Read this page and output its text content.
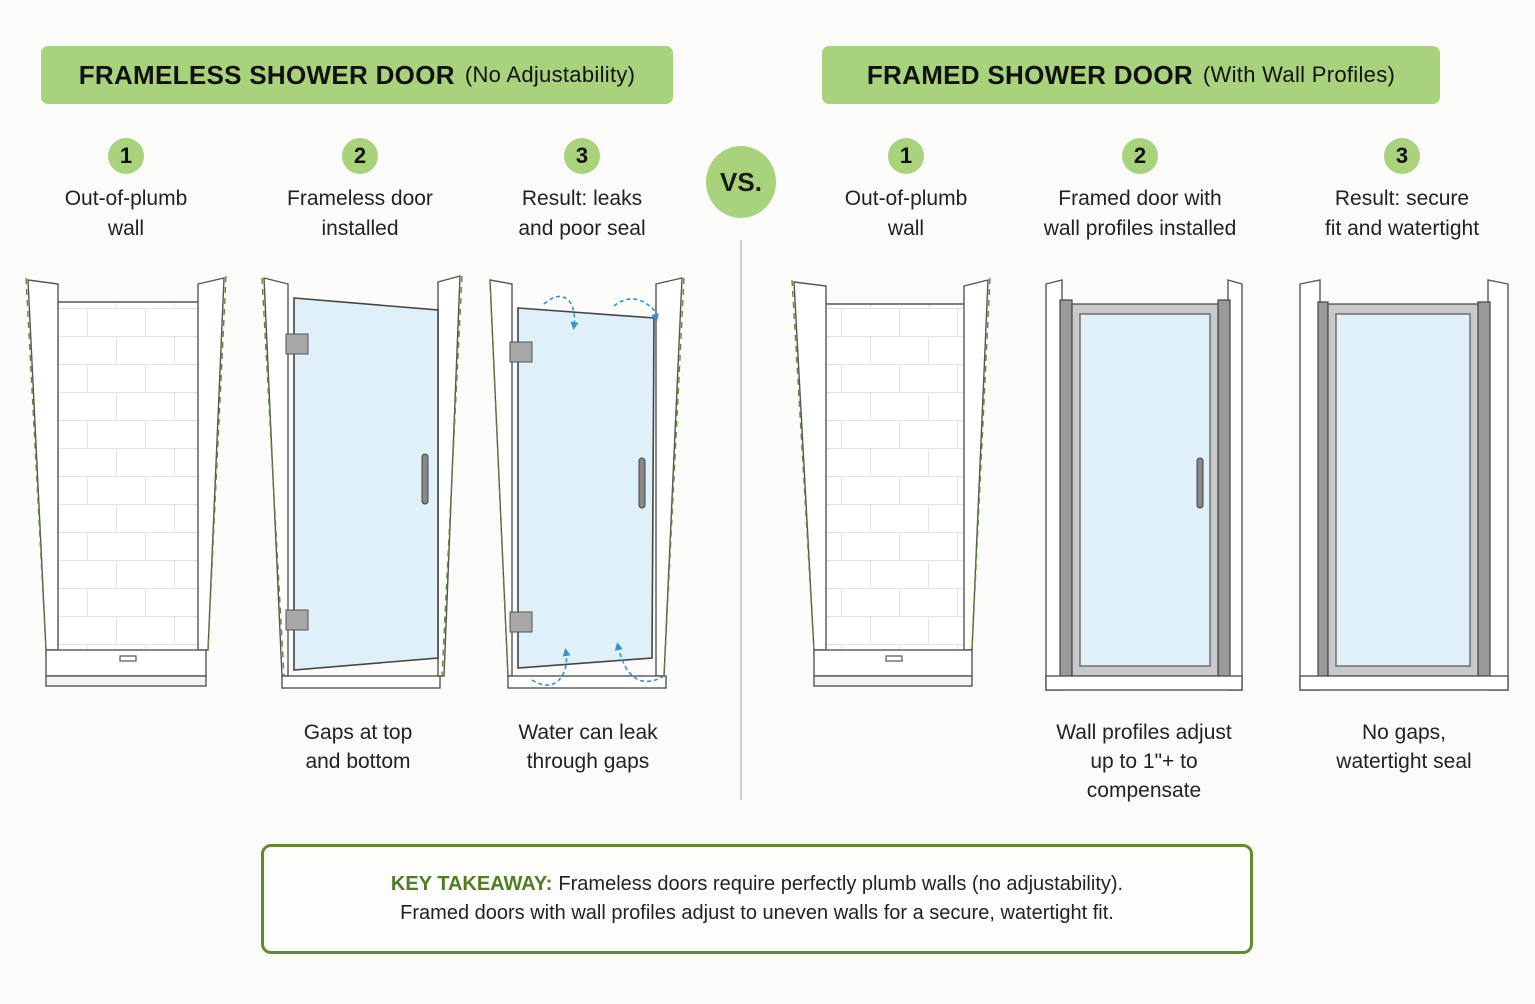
FRAMELESS SHOWER DOOR (No Adjustability)	FRAMED SHOWER DOOR (With Wall Profiles)
1
Out-of-plumb
wall
2
Frameless door
installed
3
Result: leaks
and poor seal
1
Out-of-plumb
wall
2
Framed door with
wall profiles installed
3
Result: secure
fit and watertight
VS.
Gaps at top
and bottom
Water can leak
through gaps
Wall profiles adjust
up to 1"+ to
compensate
No gaps,
watertight seal
KEY TAKEAWAY: Frameless doors require perfectly plumb walls (no adjustability).
Framed doors with wall profiles adjust to uneven walls for a secure, watertight fit.
